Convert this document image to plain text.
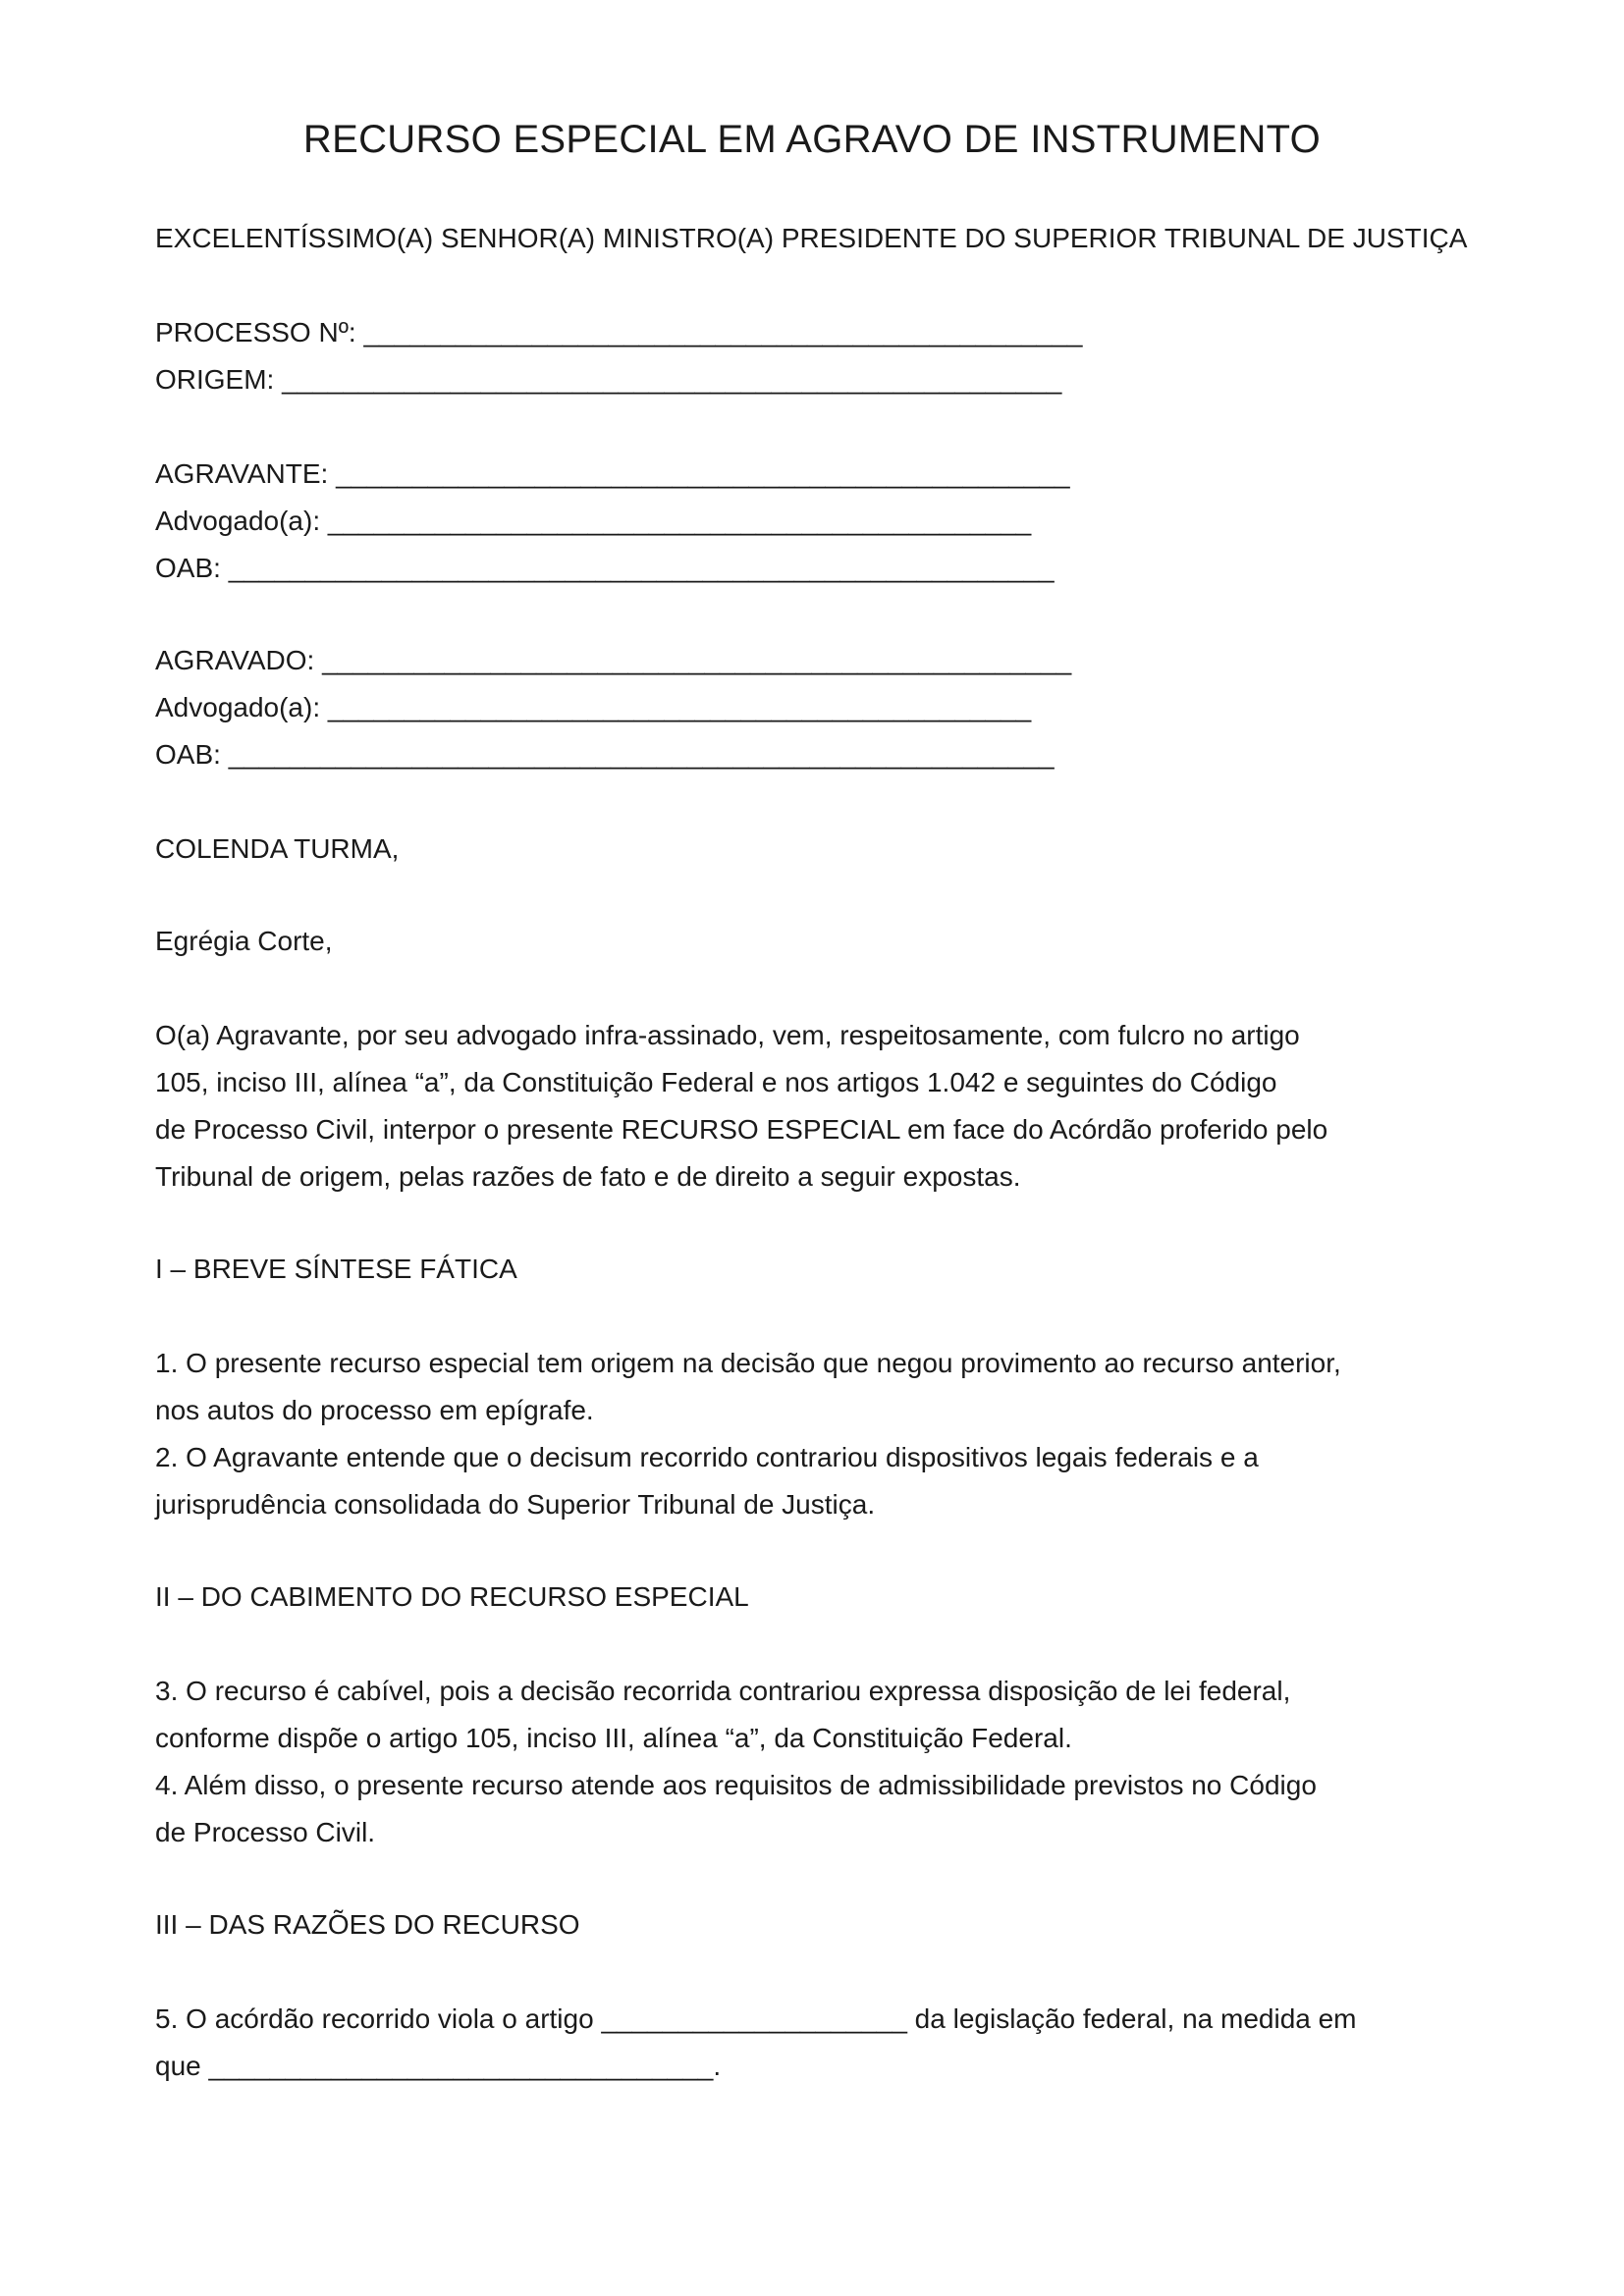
RECURSO ESPECIAL EM AGRAVO DE INSTRUMENTO
EXCELENTÍSSIMO(A) SENHOR(A) MINISTRO(A) PRESIDENTE DO SUPERIOR TRIBUNAL DE JUSTIÇA
PROCESSO Nº: _______________________________________________
ORIGEM: ___________________________________________________
AGRAVANTE: ________________________________________________
Advogado(a): ______________________________________________
OAB: ______________________________________________________
AGRAVADO: _________________________________________________
Advogado(a): ______________________________________________
OAB: ______________________________________________________
COLENDA TURMA,
Egrégia Corte,
O(a) Agravante, por seu advogado infra-assinado, vem, respeitosamente, com fulcro no artigo
105, inciso III, alínea “a”, da Constituição Federal e nos artigos 1.042 e seguintes do Código
de Processo Civil, interpor o presente RECURSO ESPECIAL em face do Acórdão proferido pelo
Tribunal de origem, pelas razões de fato e de direito a seguir expostas.
I – BREVE SÍNTESE FÁTICA
1. O presente recurso especial tem origem na decisão que negou provimento ao recurso anterior,
nos autos do processo em epígrafe.
2. O Agravante entende que o decisum recorrido contrariou dispositivos legais federais e a
jurisprudência consolidada do Superior Tribunal de Justiça.
II – DO CABIMENTO DO RECURSO ESPECIAL
3. O recurso é cabível, pois a decisão recorrida contrariou expressa disposição de lei federal,
conforme dispõe o artigo 105, inciso III, alínea “a”, da Constituição Federal.
4. Além disso, o presente recurso atende aos requisitos de admissibilidade previstos no Código
de Processo Civil.
III – DAS RAZÕES DO RECURSO
5. O acórdão recorrido viola o artigo ____________________ da legislação federal, na medida em
que _________________________________.
